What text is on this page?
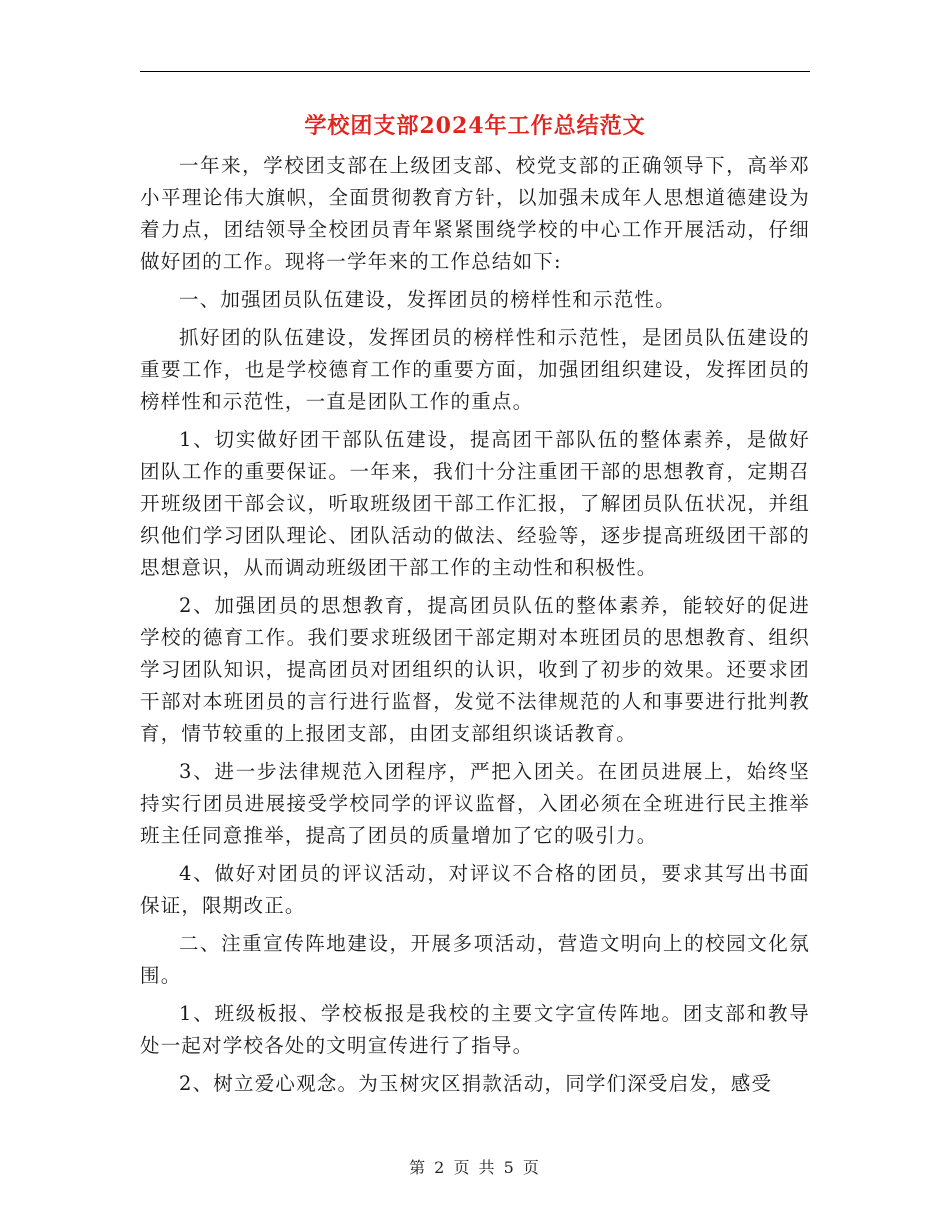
学校团支部2024年工作总结范文

一年来，学校团支部在上级团支部、校党支部的正确领导下，高举邓小平理论伟大旗帜，全面贯彻教育方针，以加强未成年人思想道德建设为着力点，团结领导全校团员青年紧紧围绕学校的中心工作开展活动，仔细做好团的工作。现将一学年来的工作总结如下:

一、加强团员队伍建设，发挥团员的榜样性和示范性。

抓好团的队伍建设，发挥团员的榜样性和示范性，是团员队伍建设的重要工作，也是学校德育工作的重要方面，加强团组织建设，发挥团员的榜样性和示范性，一直是团队工作的重点。

1、切实做好团干部队伍建设，提高团干部队伍的整体素养，是做好团队工作的重要保证。一年来，我们十分注重团干部的思想教育，定期召开班级团干部会议，听取班级团干部工作汇报，了解团员队伍状况，并组织他们学习团队理论、团队活动的做法、经验等，逐步提高班级团干部的思想意识，从而调动班级团干部工作的主动性和积极性。

2、加强团员的思想教育，提高团员队伍的整体素养，能较好的促进学校的德育工作。我们要求班级团干部定期对本班团员的思想教育、组织学习团队知识，提高团员对团组织的认识，收到了初步的效果。还要求团干部对本班团员的言行进行监督，发觉不法律规范的人和事要进行批判教育，情节较重的上报团支部，由团支部组织谈话教育。

3、进一步法律规范入团程序，严把入团关。在团员进展上，始终坚持实行团员进展接受学校同学的评议监督，入团必须在全班进行民主推举班主任同意推举，提高了团员的质量增加了它的吸引力。

4、做好对团员的评议活动，对评议不合格的团员，要求其写出书面保证，限期改正。

二、注重宣传阵地建设，开展多项活动，营造文明向上的校园文化氛围。

1、班级板报、学校板报是我校的主要文字宣传阵地。团支部和教导处一起对学校各处的文明宣传进行了指导。

2、树立爱心观念。为玉树灾区捐款活动，同学们深受启发，感受

第 2 页 共 5 页
